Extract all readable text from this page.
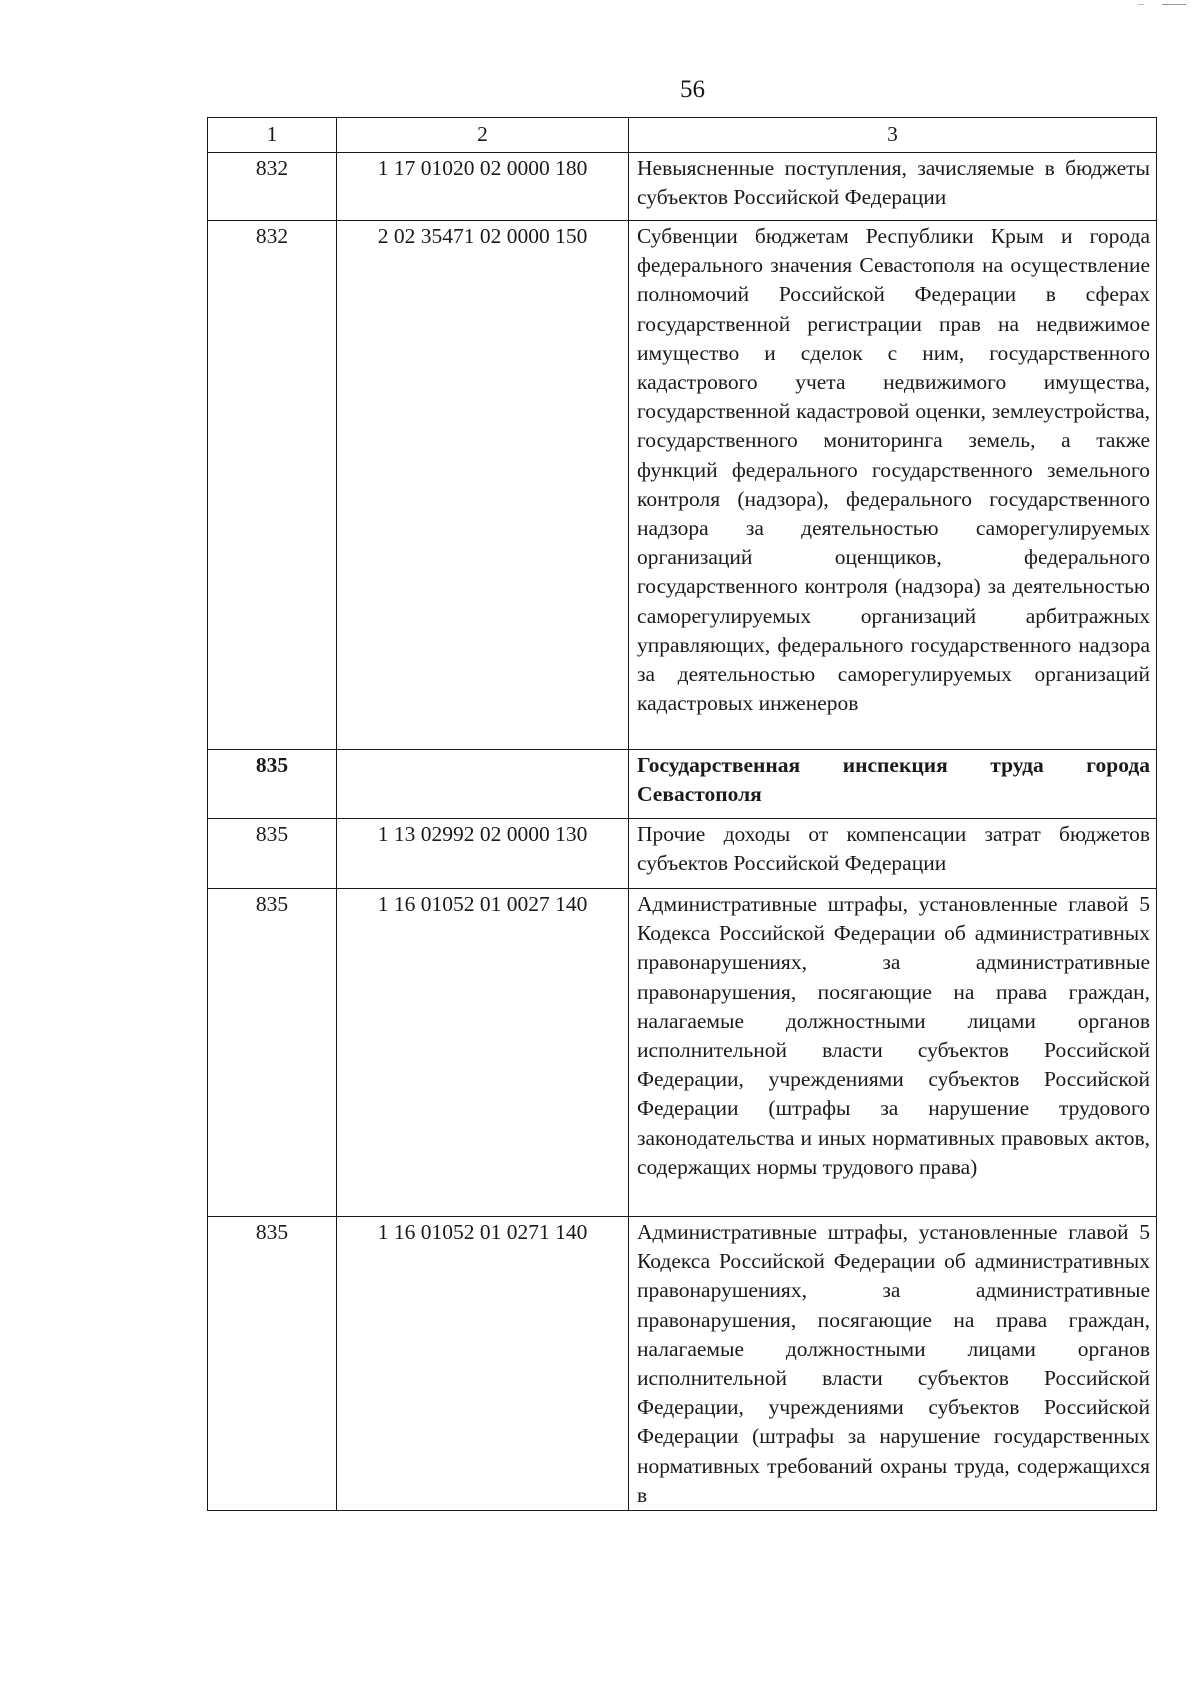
56
1	2	3
832	1 17 01020 02 0000 180	Невыясненные поступления, зачисляемые в бюджеты субъектов Российской Федерации
832	2 02 35471 02 0000 150	Субвенции бюджетам Республики Крым и города федерального значения Севастополя на осуществление полномочий Российской Федерации в сферах государственной регистрации прав на недвижимое имущество и сделок с ним, государственного кадастрового учета недвижимого имущества, государственной кадастровой оценки, землеустройства, государственного мониторинга земель, а также функций федерального государственного земельного контроля (надзора), федерального государственного надзора за деятельностью саморегулируемых организаций оценщиков, федерального государственного контроля (надзора) за деятельностью саморегулируемых организаций арбитражных управляющих, федерального государственного надзора за деятельностью саморегулируемых организаций кадастровых инженеров
835		Государственная инспекция труда города Севастополя
835	1 13 02992 02 0000 130	Прочие доходы от компенсации затрат бюджетов субъектов Российской Федерации
835	1 16 01052 01 0027 140	Административные штрафы, установленные главой 5 Кодекса Российской Федерации об административных правонарушениях, за административные правонарушения, посягающие на права граждан, налагаемые должностными лицами органов исполнительной власти субъектов Российской Федерации, учреждениями субъектов Российской Федерации (штрафы за нарушение трудового законодательства и иных нормативных правовых актов, содержащих нормы трудового права)
835	1 16 01052 01 0271 140	Административные штрафы, установленные главой 5 Кодекса Российской Федерации об административных правонарушениях, за административные правонарушения, посягающие на права граждан, налагаемые должностными лицами органов исполнительной власти субъектов Российской Федерации, учреждениями субъектов Российской Федерации (штрафы за нарушение государственных нормативных требований охраны труда, содержащихся в
